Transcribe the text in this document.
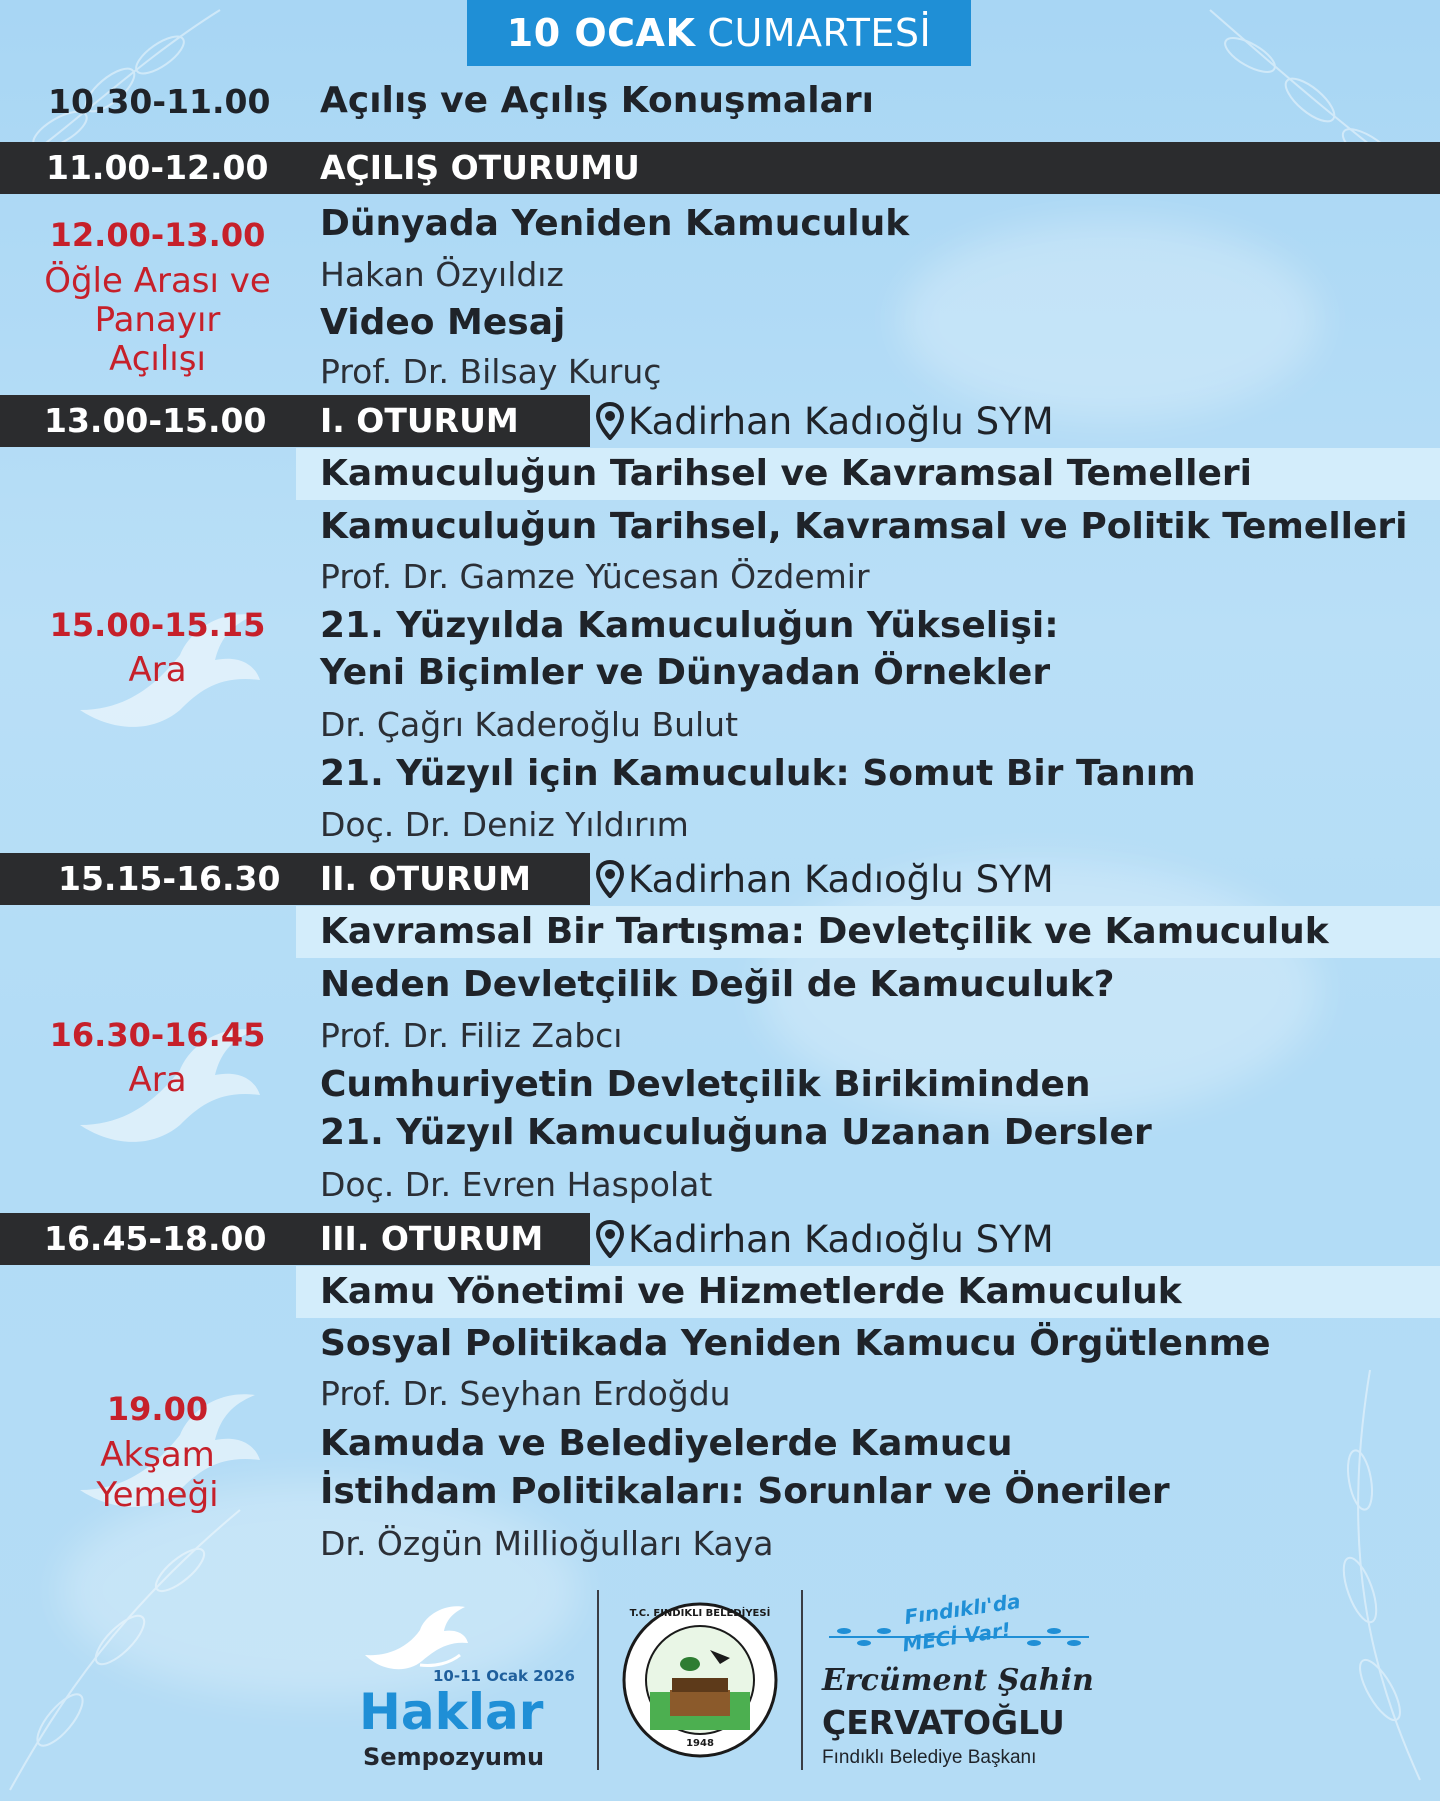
10 OCAK CUMARTESİ
10.30-11.00 Açılış ve Açılış Konuşmaları
11.00-12.00 AÇILIŞ OTURUMU
Dünyada Yeniden Kamuculuk
Hakan Özyıldız
Video Mesaj
Prof. Dr. Bilsay Kuruç
12.00-13.00
Öğle Arası ve
Panayır
Açılışı
13.00-15.00 I. OTURUM	Kadirhan Kadıoğlu SYM
Kamuculuğun Tarihsel ve Kavramsal Temelleri
Kamuculuğun Tarihsel, Kavramsal ve Politik Temelleri
Prof. Dr. Gamze Yücesan Özdemir
21. Yüzyılda Kamuculuğun Yükselişi:
Yeni Biçimler ve Dünyadan Örnekler
Dr. Çağrı Kaderoğlu Bulut
21. Yüzyıl için Kamuculuk: Somut Bir Tanım
Doç. Dr. Deniz Yıldırım
15.00-15.15
Ara
15.15-16.30 II. OTURUM	Kadirhan Kadıoğlu SYM
Kavramsal Bir Tartışma: Devletçilik ve Kamuculuk
Neden Devletçilik Değil de Kamuculuk?
Prof. Dr. Filiz Zabcı
Cumhuriyetin Devletçilik Birikiminden
21. Yüzyıl Kamuculuğuna Uzanan Dersler
Doç. Dr. Evren Haspolat
16.30-16.45
Ara
16.45-18.00 III. OTURUM Kadirhan Kadıoğlu SYM
Kamu Yönetimi ve Hizmetlerde Kamuculuk
Sosyal Politikada Yeniden Kamucu Örgütlenme
Prof. Dr. Seyhan Erdoğdu
Kamuda ve Belediyelerde Kamucu
İstihdam Politikaları: Sorunlar ve Öneriler
Dr. Özgün Millioğulları Kaya
19.00
Akşam
Yemeği
10-11 Ocak 2026
Haklar
Sempozyumu
T.C. FINDIKLI BELEDİYESİ
1948
Fındıklı'da
MECİ Var!
Ercüment Şahin
ÇERVATOĞLU
Fındıklı Belediye Başkanı
